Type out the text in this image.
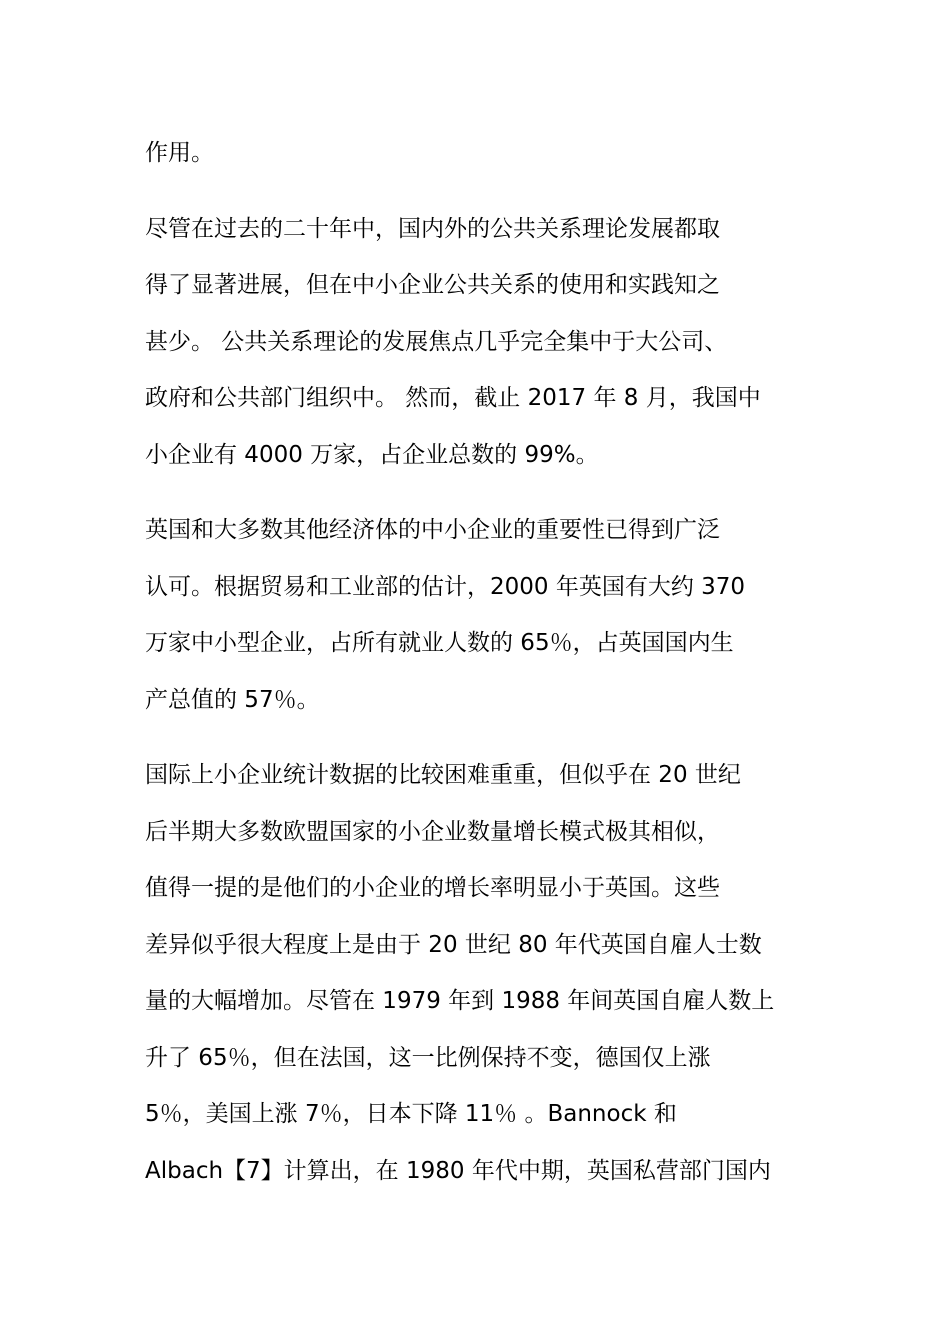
作用。

尽管在过去的二十年中，国内外的公共关系理论发展都取
得了显著进展，但在中小企业公共关系的使用和实践知之
甚少。 公共关系理论的发展焦点几乎完全集中于大公司、
政府和公共部门组织中。 然而，截止 2017 年 8 月，我国中
小企业有 4000 万家，占企业总数的 99%。

英国和大多数其他经济体的中小企业的重要性已得到广泛
认可。根据贸易和工业部的估计，2000 年英国有大约 370
万家中小型企业，占所有就业人数的 65％，占英国国内生
产总值的 57％。

国际上小企业统计数据的比较困难重重，但似乎在 20 世纪
后半期大多数欧盟国家的小企业数量增长模式极其相似，
值得一提的是他们的小企业的增长率明显小于英国。这些
差异似乎很大程度上是由于 20 世纪 80 年代英国自雇人士数
量的大幅增加。尽管在 1979 年到 1988 年间英国自雇人数上
升了 65％，但在法国，这一比例保持不变，德国仅上涨
5％，美国上涨 7％，日本下降 11％ 。Bannock 和
Albach【7】计算出，在 1980 年代中期，英国私营部门国内
